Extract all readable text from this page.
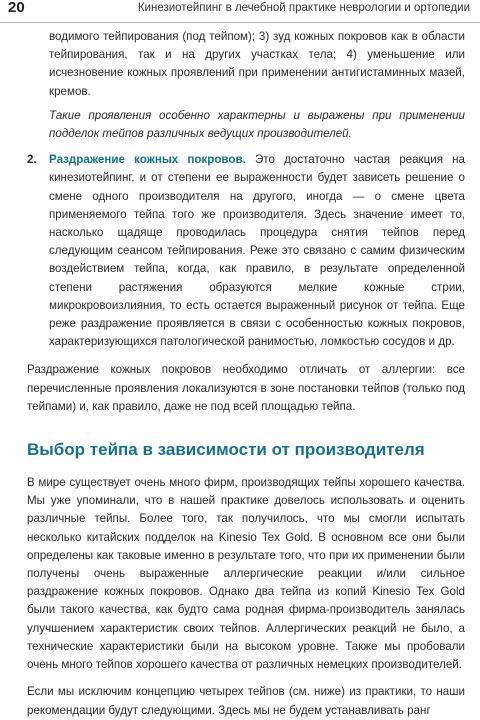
20	Кинезиотейпинг в лечебной практике неврологии и ортопедии

водимого тейпирования (под тейпом); 3) зуд кожных покровов как в области тейпирования, так и на других участках тела; 4) уменьшение или исчезновение кожных проявлений при применении антигистаминных мазей, кремов.

Такие проявления особенно характерны и выражены при применении подделок тейпов различных ведущих производителей.

2.	Раздражение кожных покровов. Это достаточно частая реакция на кинезиотейпинг, и от степени ее выраженности будет зависеть решение о смене одного производителя на другого, иногда — о смене цвета применяемого тейпа того же производителя. Здесь значение имеет то, насколько щадяще проводилась процедура снятия тейпов перед следующим сеансом тейпирования. Реже это связано с самим физическим воздействием тейпа, когда, как правило, в результате определенной степени растяжения образуются мелкие кожные стрии, микрокровоизлияния, то есть остается выраженный рисунок от тейпа. Еще реже раздражение проявляется в связи с особенностью кожных покровов, характеризующихся патологической ранимостью, ломкостью сосудов и др.

Раздражение кожных покровов необходимо отличать от аллергии: все перечисленные проявления локализуются в зоне постановки тейпов (только под тейпами) и, как правило, даже не под всей площадью тейпа.

Выбор тейпа в зависимости от производителя

В мире существует очень много фирм, производящих тейпы хорошего качества. Мы уже упоминали, что в нашей практике довелось использовать и оценить различные тейпы. Более того, так получилось, что мы смогли испытать несколько китайских подделок на Kinesio Tex Gold. В основном все они были определены как таковые именно в результате того, что при их применении были получены очень выраженные аллергические реакции и/или сильное раздражение кожных покровов. Однако два тейпа из копий Kinesio Tex Gold были такого качества, как будто сама родная фирма-производитель занялась улучшением характеристик своих тейпов. Аллергических реакций не было, а технические характеристики были на высоком уровне. Также мы пробовали очень много тейпов хорошего качества от различных немецких производителей.

Если мы исключим концепцию четырех тейпов (см. ниже) из практики, то наши рекомендации будут следующими. Здесь мы не будем устанавливать ранг
